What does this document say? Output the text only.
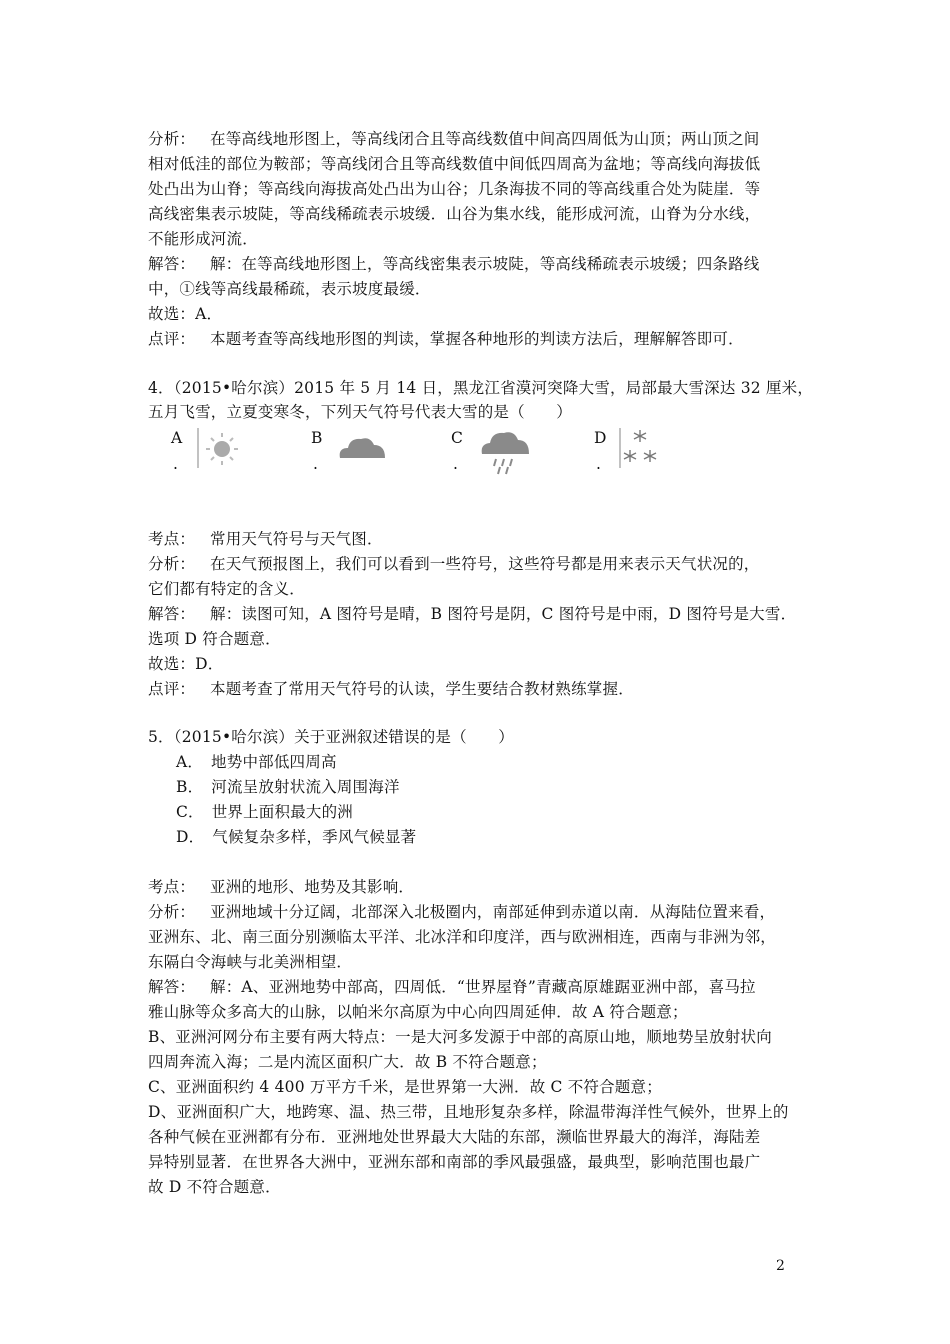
分析： 在等高线地形图上，等高线闭合且等高线数值中间高四周低为山顶；两山顶之间
相对低洼的部位为鞍部；等高线闭合且等高线数值中间低四周高为盆地；等高线向海拔低
处凸出为山脊；等高线向海拔高处凸出为山谷；几条海拔不同的等高线重合处为陡崖．等
高线密集表示坡陡，等高线稀疏表示坡缓．山谷为集水线，能形成河流，山脊为分水线，
不能形成河流．
解答： 解：在等高线地形图上，等高线密集表示坡陡，等高线稀疏表示坡缓；四条路线
中，①线等高线最稀疏，表示坡度最缓．
故选：A．
点评： 本题考查等高线地形图的判读，掌握各种地形的判读方法后，理解解答即可．
4．（2015•哈尔滨）2015 年 5 月 14 日，黑龙江省漠河突降大雪，局部最大雪深达 32 厘米，
五月飞雪，立夏变寒冬，下列天气符号代表大雪的是（　　）
A
.
B
.
C
.
D
.
考点： 常用天气符号与天气图．
分析： 在天气预报图上，我们可以看到一些符号，这些符号都是用来表示天气状况的，
它们都有特定的含义．
解答： 解：读图可知，A 图符号是晴，B 图符号是阴，C 图符号是中雨，D 图符号是大雪．
选项 D 符合题意．
故选：D．
点评： 本题考查了常用天气符号的认读，学生要结合教材熟练掌握．
5．（2015•哈尔滨）关于亚洲叙述错误的是（　　）
A．　地势中部低四周高
B．　河流呈放射状流入周围海洋
C．　世界上面积最大的洲
D．　气候复杂多样，季风气候显著
考点： 亚洲的地形、地势及其影响．
分析： 亚洲地域十分辽阔，北部深入北极圈内，南部延伸到赤道以南．从海陆位置来看，
亚洲东、北、南三面分别濒临太平洋、北冰洋和印度洋，西与欧洲相连，西南与非洲为邻，
东隔白令海峡与北美洲相望．
解答： 解：A、亚洲地势中部高，四周低．“世界屋脊”青藏高原雄踞亚洲中部，喜马拉
雅山脉等众多高大的山脉，以帕米尔高原为中心向四周延伸．故 A 符合题意；
B、亚洲河网分布主要有两大特点：一是大河多发源于中部的高原山地，顺地势呈放射状向
四周奔流入海；二是内流区面积广大．故 B 不符合题意；
C、亚洲面积约 4 400 万平方千米，是世界第一大洲．故 C 不符合题意；
D、亚洲面积广大，地跨寒、温、热三带，且地形复杂多样，除温带海洋性气候外，世界上的
各种气候在亚洲都有分布．亚洲地处世界最大大陆的东部，濒临世界最大的海洋，海陆差
异特别显著．在世界各大洲中，亚洲东部和南部的季风最强盛，最典型，影响范围也最广
故 D 不符合题意．
2
